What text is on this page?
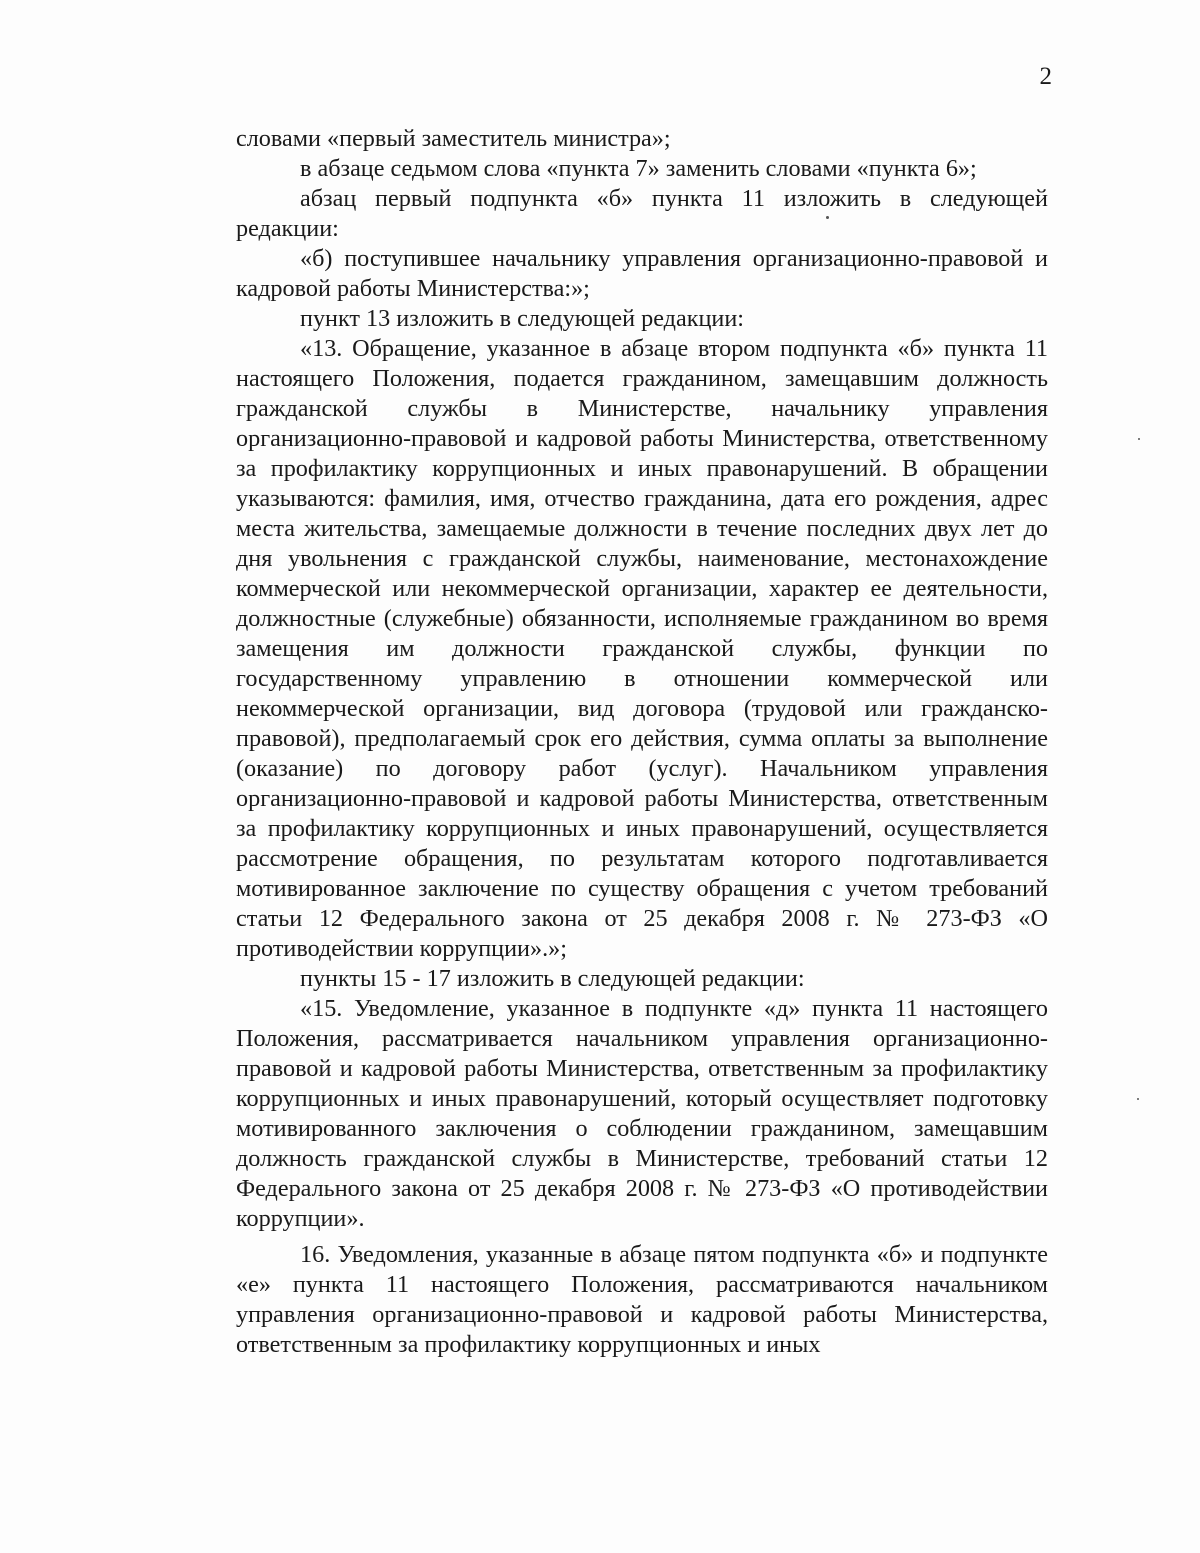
2

словами «первый заместитель министра»;

в абзаце седьмом слова «пункта 7» заменить словами «пункта 6»;

абзац первый подпункта «б» пункта 11 изложить в следующей редакции:

«б) поступившее начальнику управления организационно-правовой и кадровой работы Министерства:»;

пункт 13 изложить в следующей редакции:

«13. Обращение, указанное в абзаце втором подпункта «б» пункта 11 настоящего Положения, подается гражданином, замещавшим должность гражданской службы в Министерстве, начальнику управления организационно-правовой и кадровой работы Министерства, ответственному за профилактику коррупционных и иных правонарушений. В обращении указываются: фамилия, имя, отчество гражданина, дата его рождения, адрес места жительства, замещаемые должности в течение последних двух лет до дня увольнения с гражданской службы, наименование, местонахождение коммерческой или некоммерческой организации, характер ее деятельности, должностные (служебные) обязанности, исполняемые гражданином во время замещения им должности гражданской службы, функции по государственному управлению в отношении коммерческой или некоммерческой организации, вид договора (трудовой или гражданско-правовой), предполагаемый срок его действия, сумма оплаты за выполнение (оказание) по договору работ (услуг). Начальником управления организационно-правовой и кадровой работы Министерства, ответственным за профилактику коррупционных и иных правонарушений, осуществляется рассмотрение обращения, по результатам которого подготавливается мотивированное заключение по существу обращения с учетом требований статьи 12 Федерального закона от 25 декабря 2008 г. № 273-ФЗ «О противодействии коррупции».»;

пункты 15 - 17 изложить в следующей редакции:

«15. Уведомление, указанное в подпункте «д» пункта 11 настоящего Положения, рассматривается начальником управления организационно-правовой и кадровой работы Министерства, ответственным за профилактику коррупционных и иных правонарушений, который осуществляет подготовку мотивированного заключения о соблюдении гражданином, замещавшим должность гражданской службы в Министерстве, требований статьи 12 Федерального закона от 25 декабря 2008 г. № 273-ФЗ «О противодействии коррупции».

16. Уведомления, указанные в абзаце пятом подпункта «б» и подпункте «е» пункта 11 настоящего Положения, рассматриваются начальником управления организационно-правовой и кадровой работы Министерства, ответственным за профилактику коррупционных и иных
